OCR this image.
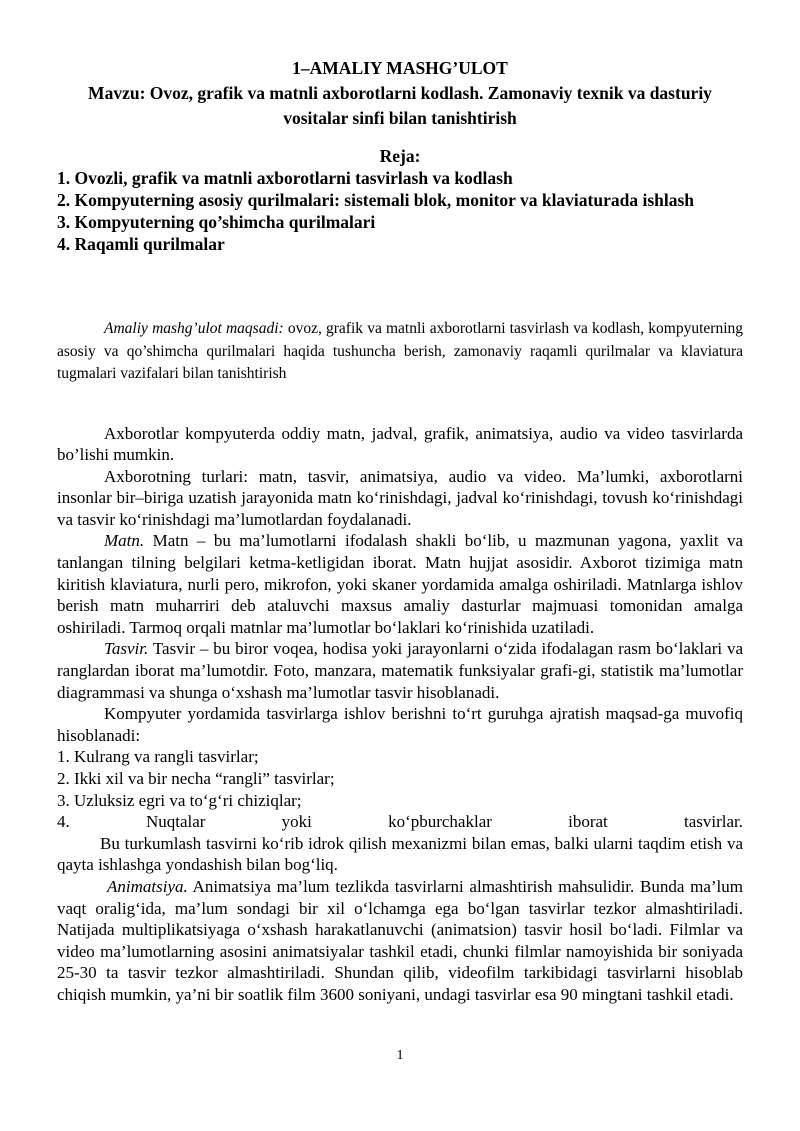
1–AMALIY MASHG’ULOT

Mavzu: Ovoz, grafik va matnli axborotlarni kodlash. Zamonaviy texnik va dasturiy

vositalar sinfi bilan tanishtirish

Reja:

1. Ovozli, grafik va matnli axborotlarni tasvirlash va kodlash
2. Kompyuterning asosiy qurilmalari: sistemali blok, monitor va klaviaturada ishlash
3. Kompyuterning qo’shimcha qurilmalari
4. Raqamli qurilmalar

Amaliy mashg’ulot maqsadi: ovoz, grafik va matnli axborotlarni tasvirlash va kodlash, kompyuterning asosiy va qo’shimcha qurilmalari haqida tushuncha berish, zamonaviy raqamli qurilmalar va klaviatura tugmalari vazifalari bilan tanishtirish

Axborotlar kompyuterda oddiy matn, jadval, grafik, animatsiya, audio va video tasvirlarda bo’lishi mumkin.

Axborotning turlari: matn, tasvir, animatsiya, audio va video. Ma’lumki, axborotlarni insonlar bir–biriga uzatish jarayonida matn ko‘rinishdagi, jadval ko‘rinishdagi, tovush ko‘rinishdagi va tasvir ko‘rinishdagi ma’lumotlardan foydalanadi.

Matn. Matn – bu ma’lumotlarni ifodalash shakli bo‘lib, u mazmunan yagona, yaxlit va tanlangan tilning belgilari ketma-ketligidan iborat. Matn hujjat asosidir. Axborot tizimiga matn kiritish klaviatura, nurli pero, mikrofon, yoki skaner yordamida amalga oshiriladi. Matnlarga ishlov berish matn muharriri deb ataluvchi maxsus amaliy dasturlar majmuasi tomonidan amalga oshiriladi. Tarmoq orqali matnlar ma’lumotlar bo‘laklari ko‘rinishida uzatiladi.

Tasvir. Tasvir – bu biror voqea, hodisa yoki jarayonlarni o‘zida ifodalagan rasm bo‘laklari va ranglardan iborat ma’lumotdir. Foto, manzara, matematik funksiyalar grafi-gi, statistik ma’lumotlar diagrammasi va shunga o‘xshash ma’lumotlar tasvir hisoblanadi.

Kompyuter yordamida tasvirlarga ishlov berishni to‘rt guruhga ajratish maqsad-ga muvofiq hisoblanadi:

1. Kulrang va rangli tasvirlar;

2. Ikki xil va bir necha “rangli” tasvirlar;

3. Uzluksiz egri va to‘g‘ri chiziqlar;

4. Nuqtalar yoki ko‘pburchaklar iborat tasvirlar.

Bu turkumlash tasvirni ko‘rib idrok qilish mexanizmi bilan emas, balki ularni taqdim etish va qayta ishlashga yondashish bilan bog‘liq.

Animatsiya. Animatsiya ma’lum tezlikda tasvirlarni almashtirish mahsulidir. Bunda ma’lum vaqt oralig‘ida, ma’lum sondagi bir xil o‘lchamga ega bo‘lgan tasvirlar tezkor almashtiriladi. Natijada multiplikatsiyaga o‘xshash harakatlanuvchi (animatsion) tasvir hosil bo‘ladi. Filmlar va video ma’lumotlarning asosini animatsiyalar tashkil etadi, chunki filmlar namoyishida bir soniyada 25-30 ta tasvir tezkor almashtiriladi. Shundan qilib, videofilm tarkibidagi tasvirlarni hisoblab chiqish mumkin, ya’ni bir soatlik film 3600 soniyani, undagi tasvirlar esa 90 mingtani tashkil etadi.

1
